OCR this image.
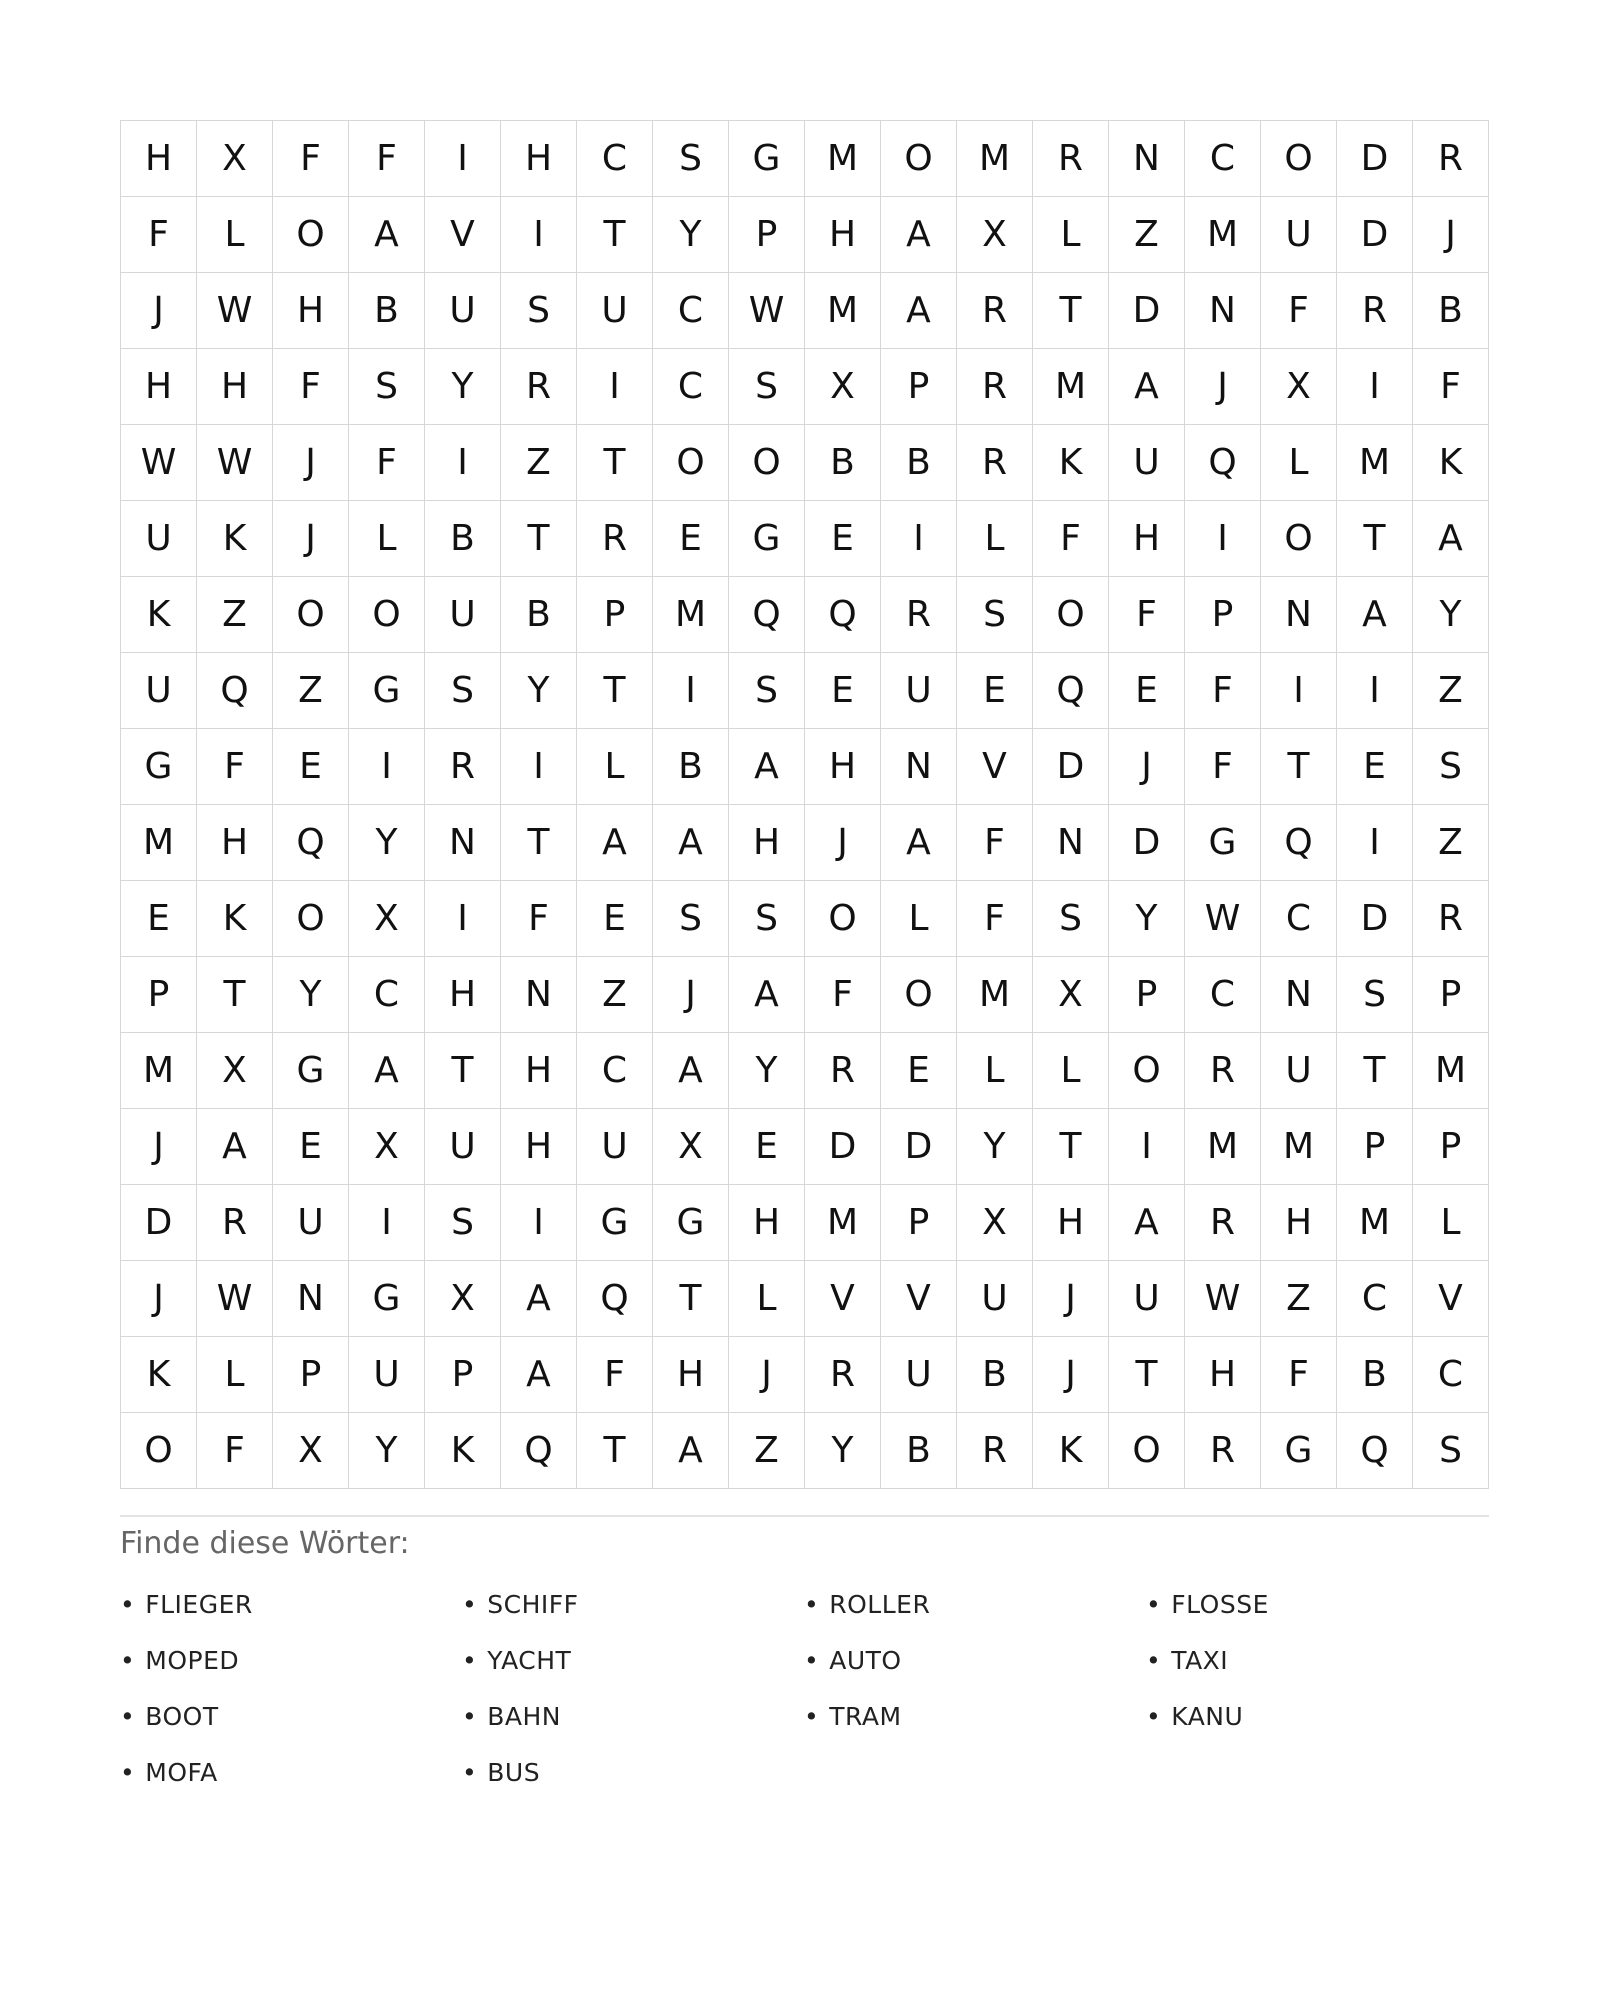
H	X	F	F	I	H	C	S	G	M	O	M	R	N	C	O	D	R
F	L	O	A	V	I	T	Y	P	H	A	X	L	Z	M	U	D	J
J	W	H	B	U	S	U	C	W	M	A	R	T	D	N	F	R	B
H	H	F	S	Y	R	I	C	S	X	P	R	M	A	J	X	I	F
W	W	J	F	I	Z	T	O	O	B	B	R	K	U	Q	L	M	K
U	K	J	L	B	T	R	E	G	E	I	L	F	H	I	O	T	A
K	Z	O	O	U	B	P	M	Q	Q	R	S	O	F	P	N	A	Y
U	Q	Z	G	S	Y	T	I	S	E	U	E	Q	E	F	I	I	Z
G	F	E	I	R	I	L	B	A	H	N	V	D	J	F	T	E	S
M	H	Q	Y	N	T	A	A	H	J	A	F	N	D	G	Q	I	Z
E	K	O	X	I	F	E	S	S	O	L	F	S	Y	W	C	D	R
P	T	Y	C	H	N	Z	J	A	F	O	M	X	P	C	N	S	P
M	X	G	A	T	H	C	A	Y	R	E	L	L	O	R	U	T	M
J	A	E	X	U	H	U	X	E	D	D	Y	T	I	M	M	P	P
D	R	U	I	S	I	G	G	H	M	P	X	H	A	R	H	M	L
J	W	N	G	X	A	Q	T	L	V	V	U	J	U	W	Z	C	V
K	L	P	U	P	A	F	H	J	R	U	B	J	T	H	F	B	C
O	F	X	Y	K	Q	T	A	Z	Y	B	R	K	O	R	G	Q	S
Finde diese Wörter:
• FLIEGER	• SCHIFF	• ROLLER	• FLOSSE
• MOPED	• YACHT	• AUTO	• TAXI
• BOOT	• BAHN	• TRAM	• KANU
• MOFA	• BUS
